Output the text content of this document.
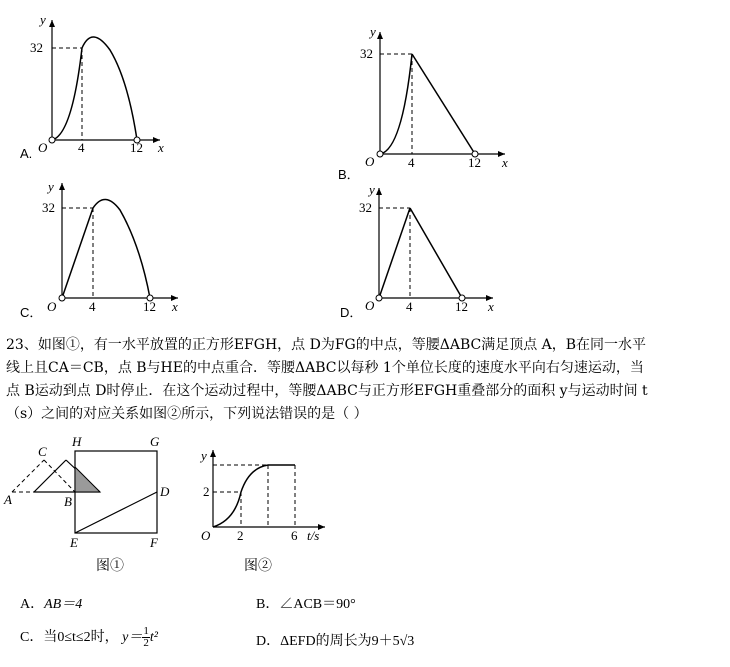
y
32
O 4	12 x
A.
y
32
O	4	12 x
B．
y
32
O	4	12 x
C．
y
32
O 4	12 x
D．
23、如图①，有一水平放置的正方形EFGH，点 D为FG的中点，等腰ΔABC满足顶点 A，B在同一水平
线上且CA＝CB，点 B与HE的中点重合．等腰ΔABC以每秒 1个单位长度的速度水平向右匀速运动，当
点 B运动到点 D时停止．在这个运动过程中，等腰ΔABC与正方形EFGH重叠部分的面积 y与运动时间 t
（s）之间的对应关系如图②所示，下列说法错误的是（ ）
H	G
E	F
D
A	B
C
图①
y
2
O 2	6 t/s
图②
A．AB＝4	B．∠ACB＝90°
C．当0≤t≤2时， $y= \frac{1}{2} t^2$	D．ΔEFD的周长为9＋5√3
